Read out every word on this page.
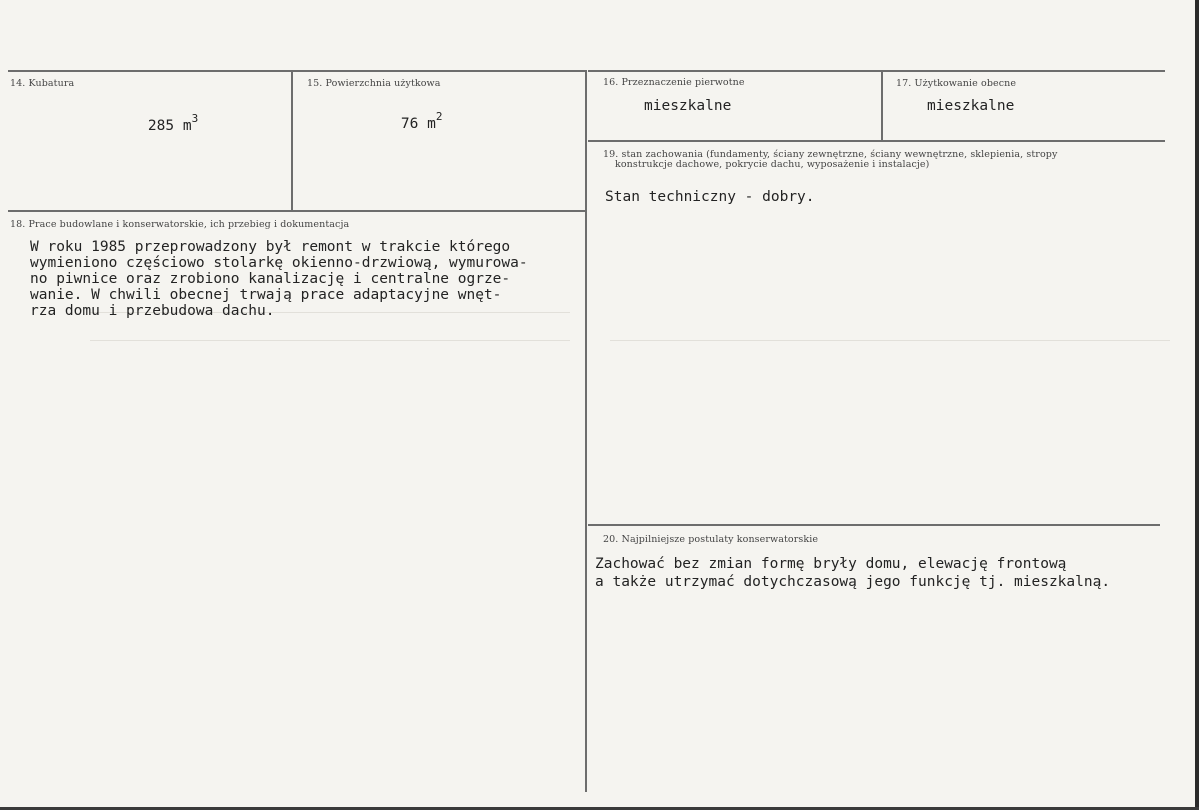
14. Kubatura

285 $m^3$

15. Powierzchnia użytkowa

76 $m^2$

16. Przeznaczenie pierwotne
mieszkalne
17. Użytkowanie obecne
mieszkalne
18. Prace budowlane i konserwatorskie, ich przebieg i dokumentacja
W roku 1985 przeprowadzony był remont w trakcie którego
wymieniono częściowo stolarkę okienno-drzwiową, wymurowa-
no piwnice oraz zrobiono kanalizację i centralne ogrze-
wanie. W chwili obecnej trwają prace adaptacyjne wnęt-
rza domu i przebudowa dachu.
19. stan zachowania (fundamenty, ściany zewnętrzne, ściany wewnętrzne, sklepienia, stropy
konstrukcje dachowe, pokrycie dachu, wyposażenie i instalacje)
Stan techniczny - dobry.
20. Najpilniejsze postulaty konserwatorskie
Zachować bez zmian formę bryły domu, elewację frontową
a także utrzymać dotychczasową jego funkcję tj. mieszkalną.
